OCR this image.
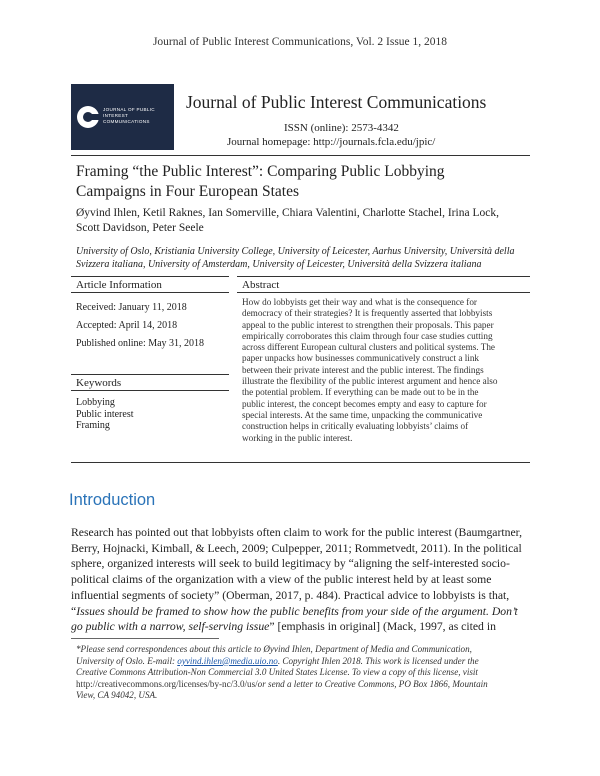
Journal of Public Interest Communications, Vol. 2 Issue 1, 2018
JOURNAL OF PUBLIC INTEREST COMMUNICATIONS
Journal of Public Interest Communications
ISSN (online): 2573-4342
Journal homepage: http://journals.fcla.edu/jpic/
Framing “the Public Interest”: Comparing Public Lobbying
Campaigns in Four European States
Øyvind Ihlen, Ketil Raknes, Ian Somerville, Chiara Valentini, Charlotte Stachel, Irina Lock,
Scott Davidson, Peter Seele
University of Oslo, Kristiania University College, University of Leicester, Aarhus University, Università della
Svizzera italiana, University of Amsterdam, University of Leicester, Università della Svizzera italiana
Article Information
Received: January 11, 2018
Accepted: April 14, 2018
Published online: May 31, 2018
Keywords
Lobbying
Public interest
Framing
Abstract
How do lobbyists get their way and what is the consequence for
democracy of their strategies? It is frequently asserted that lobbyists
appeal to the public interest to strengthen their proposals. This paper
empirically corroborates this claim through four case studies cutting
across different European cultural clusters and political systems. The
paper unpacks how businesses communicatively construct a link
between their private interest and the public interest. The findings
illustrate the flexibility of the public interest argument and hence also
the potential problem. If everything can be made out to be in the
public interest, the concept becomes empty and easy to capture for
special interests. At the same time, unpacking the communicative
construction helps in critically evaluating lobbyists’ claims of
working in the public interest.
Introduction
Research has pointed out that lobbyists often claim to work for the public interest (Baumgartner,
Berry, Hojnacki, Kimball, & Leech, 2009; Culpepper, 2011; Rommetvedt, 2011). In the political
sphere, organized interests will seek to build legitimacy by “aligning the self-interested socio-
political claims of the organization with a view of the public interest held by at least some
influential segments of society” (Oberman, 2017, p. 484). Practical advice to lobbyists is that,
“Issues should be framed to show how the public benefits from your side of the argument. Don’t
go public with a narrow, self-serving issue” [emphasis in original] (Mack, 1997, as cited in
*Please send correspondences about this article to Øyvind Ihlen, Department of Media and Communication,
University of Oslo. E-mail: oyvind.ihlen@media.uio.no. Copyright Ihlen 2018. This work is licensed under the
Creative Commons Attribution-Non Commercial 3.0 United States License. To view a copy of this license, visit
http://creativecommons.org/licenses/by-nc/3.0/us/or send a letter to Creative Commons, PO Box 1866, Mountain
View, CA 94042, USA.
